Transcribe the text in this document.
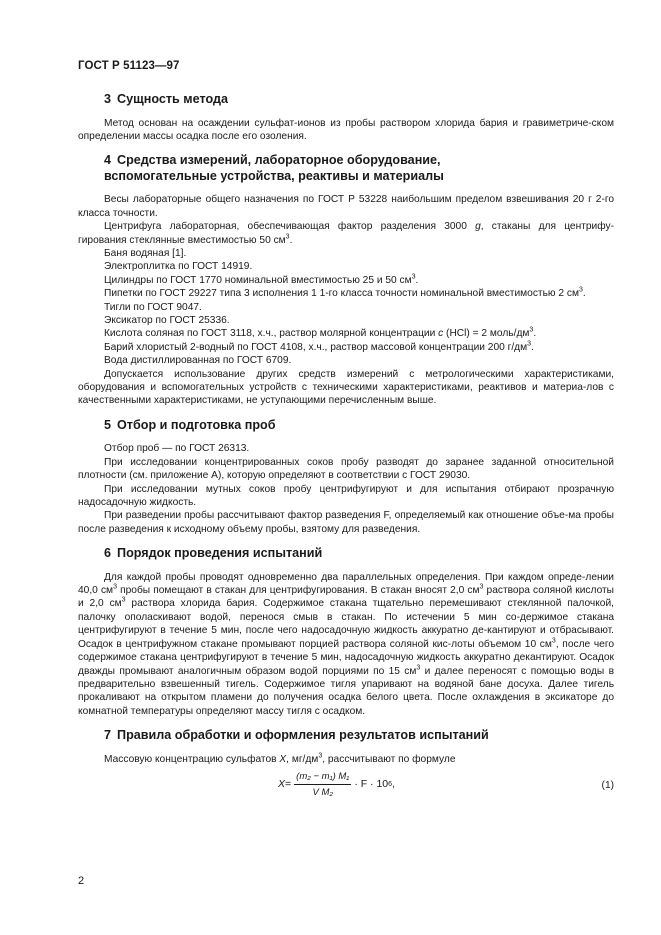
ГОСТ Р 51123—97
3 Сущность метода

Метод основан на осаждении сульфат-ионов из пробы раствором хлорида бария и гравиметриче-ском определении массы осадка после его озоления.

4 Средства измерений, лабораторное оборудование,
вспомогательные устройства, реактивы и материалы

Весы лабораторные общего назначения по ГОСТ Р 53228 наибольшим пределом взвешивания 20 г 2-го класса точности.

Центрифуга лабораторная, обеспечивающая фактор разделения 3000 g, стаканы для центрифу-гирования стеклянные вместимостью 50 $см^3$.

Баня водяная [1].

Электроплитка по ГОСТ 14919.

Цилиндры по ГОСТ 1770 номинальной вместимостью 25 и 50 $см^3$.

Пипетки по ГОСТ 29227 типа 3 исполнения 1 1-го класса точности номинальной вместимостью 2 $см^3$.

Тигли по ГОСТ 9047.

Эксикатор по ГОСТ 25336.

Кислота соляная по ГОСТ 3118, х.ч., раствор молярной концентрации c (HCl) = 2 моль/$дм^3$.

Барий хлористый 2-водный по ГОСТ 4108, х.ч., раствор массовой концентрации 200 $г/дм^3$.

Вода дистиллированная по ГОСТ 6709.

Допускается использование других средств измерений с метрологическими характеристиками, оборудования и вспомогательных устройств с техническими характеристиками, реактивов и материа-лов с качественными характеристиками, не уступающими перечисленным выше.

5 Отбор и подготовка проб

Отбор проб — по ГОСТ 26313.

При исследовании концентрированных соков пробу разводят до заранее заданной относительной плотности (см. приложение А), которую определяют в соответствии с ГОСТ 29030.

При исследовании мутных соков пробу центрифугируют и для испытания отбирают прозрачную надосадочную жидкость.

При разведении пробы рассчитывают фактор разведения F, определяемый как отношение объе-ма пробы после разведения к исходному объему пробы, взятому для разведения.

6 Порядок проведения испытаний

Для каждой пробы проводят одновременно два параллельных определения. При каждом опреде-лении 40,0 $см^3$ пробы помещают в стакан для центрифугирования. В стакан вносят 2,0 $см^3$ раствора соляной кислоты и 2,0 $см^3$ раствора хлорида бария. Содержимое стакана тщательно перемешивают стеклянной палочкой, палочку ополаскивают водой, перенося смыв в стакан. По истечении 5 мин со-держимое стакана центрифугируют в течение 5 мин, после чего надосадочную жидкость аккуратно де-кантируют и отбрасывают. Осадок в центрифужном стакане промывают порцией раствора соляной кис-лоты объемом 10 $см^3$, после чего содержимое стакана центрифугируют в течение 5 мин, надосадочную жидкость аккуратно декантируют. Осадок дважды промывают аналогичным образом водой порциями по 15 $см^3$ и далее переносят с помощью воды в предварительно взвешенный тигель. Содержимое тигля упаривают на водяной бане досуха. Далее тигель прокаливают на открытом пламени до получения осадка белого цвета. После охлаждения в эксикаторе до комнатной температуры определяют массу тигля с осадком.

7 Правила обработки и оформления результатов испытаний

Массовую концентрацию сульфатов X, $мг/дм^3$, рассчитывают по формуле

$X = \frac{\text{(m₂ − m₁) M₁}}{\text{V M₂}} \cdot F \cdot 10$ 6 ,	(1)
2
